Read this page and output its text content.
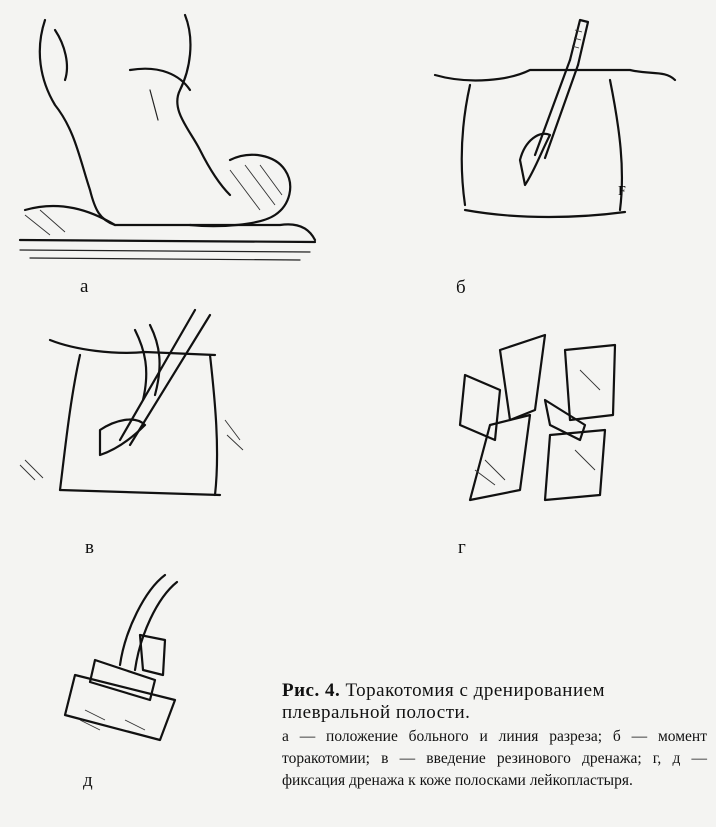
а
F
б
в	г
д
Рис. 4. Торакотомия с дренированием плевральной полости.
а — положение больного и линия разреза; б — момент торакотомии; в — введение резинового дренажа; г, д — фиксация дренажа к коже полосками лейкопластыря.
